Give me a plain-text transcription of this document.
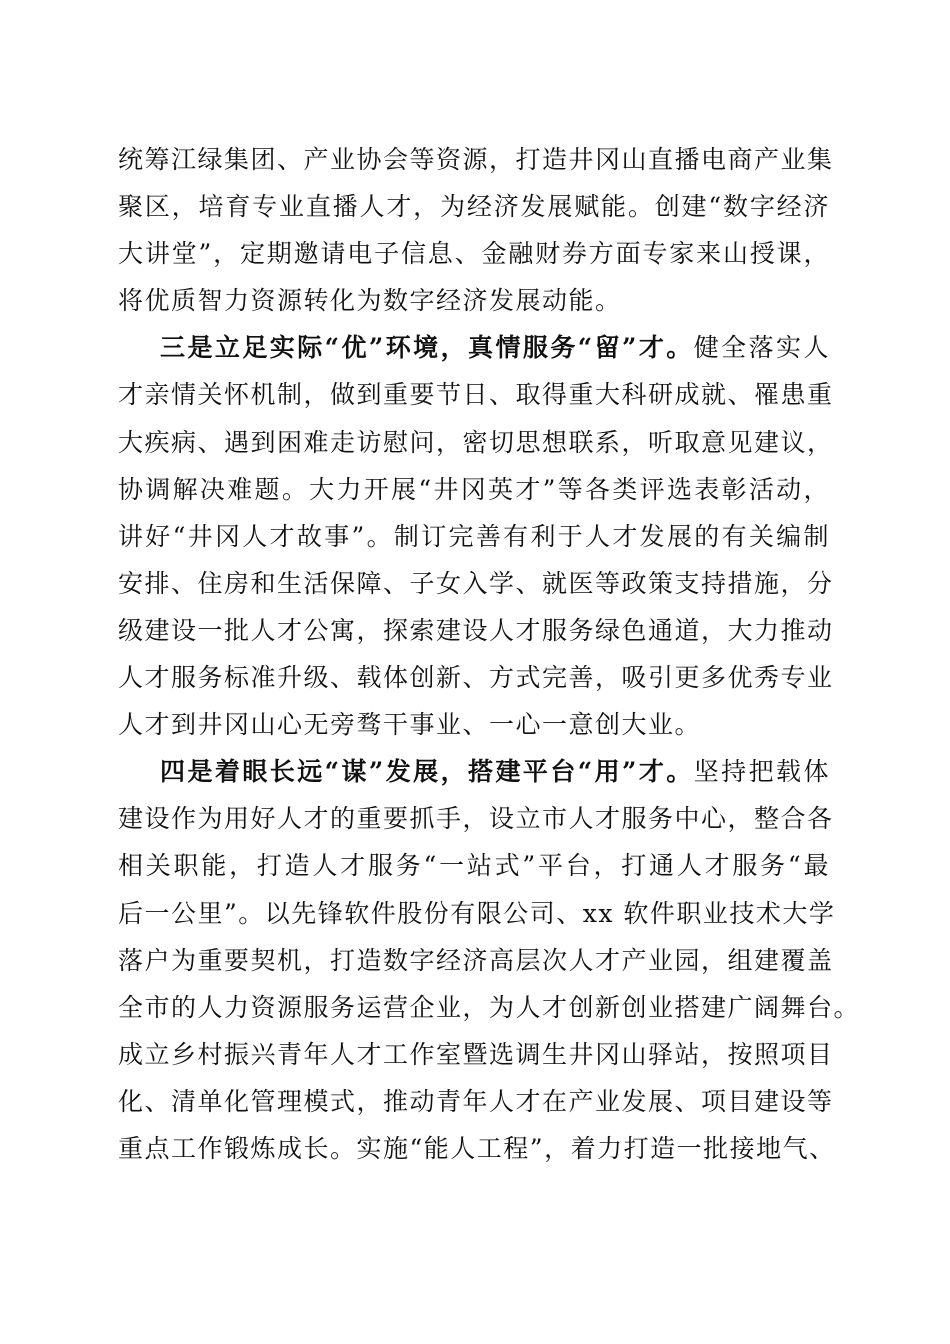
统筹江绿集团、产业协会等资源，打造井冈山直播电商产业集
聚区，培育专业直播人才，为经济发展赋能。创建“数字经济
大讲堂”，定期邀请电子信息、金融财券方面专家来山授课，
将优质智力资源转化为数字经济发展动能。
三是立足实际“优”环境，真情服务“留”才。健全落实人
才亲情关怀机制，做到重要节日、取得重大科研成就、罹患重
大疾病、遇到困难走访慰问，密切思想联系，听取意见建议，
协调解决难题。大力开展“井冈英才”等各类评选表彰活动，
讲好“井冈人才故事”。制订完善有利于人才发展的有关编制
安排、住房和生活保障、子女入学、就医等政策支持措施，分
级建设一批人才公寓，探索建设人才服务绿色通道，大力推动
人才服务标准升级、载体创新、方式完善，吸引更多优秀专业
人才到井冈山心无旁骛干事业、一心一意创大业。
四是着眼长远“谋”发展，搭建平台“用”才。坚持把载体
建设作为用好人才的重要抓手，设立市人才服务中心，整合各
相关职能，打造人才服务“一站式”平台，打通人才服务“最
后一公里”。以先锋软件股份有限公司、xx 软件职业技术大学
落户为重要契机，打造数字经济高层次人才产业园，组建覆盖
全市的人力资源服务运营企业，为人才创新创业搭建广阔舞台。
成立乡村振兴青年人才工作室暨选调生井冈山驿站，按照项目
化、清单化管理模式，推动青年人才在产业发展、项目建设等
重点工作锻炼成长。实施“能人工程”，着力打造一批接地气、
